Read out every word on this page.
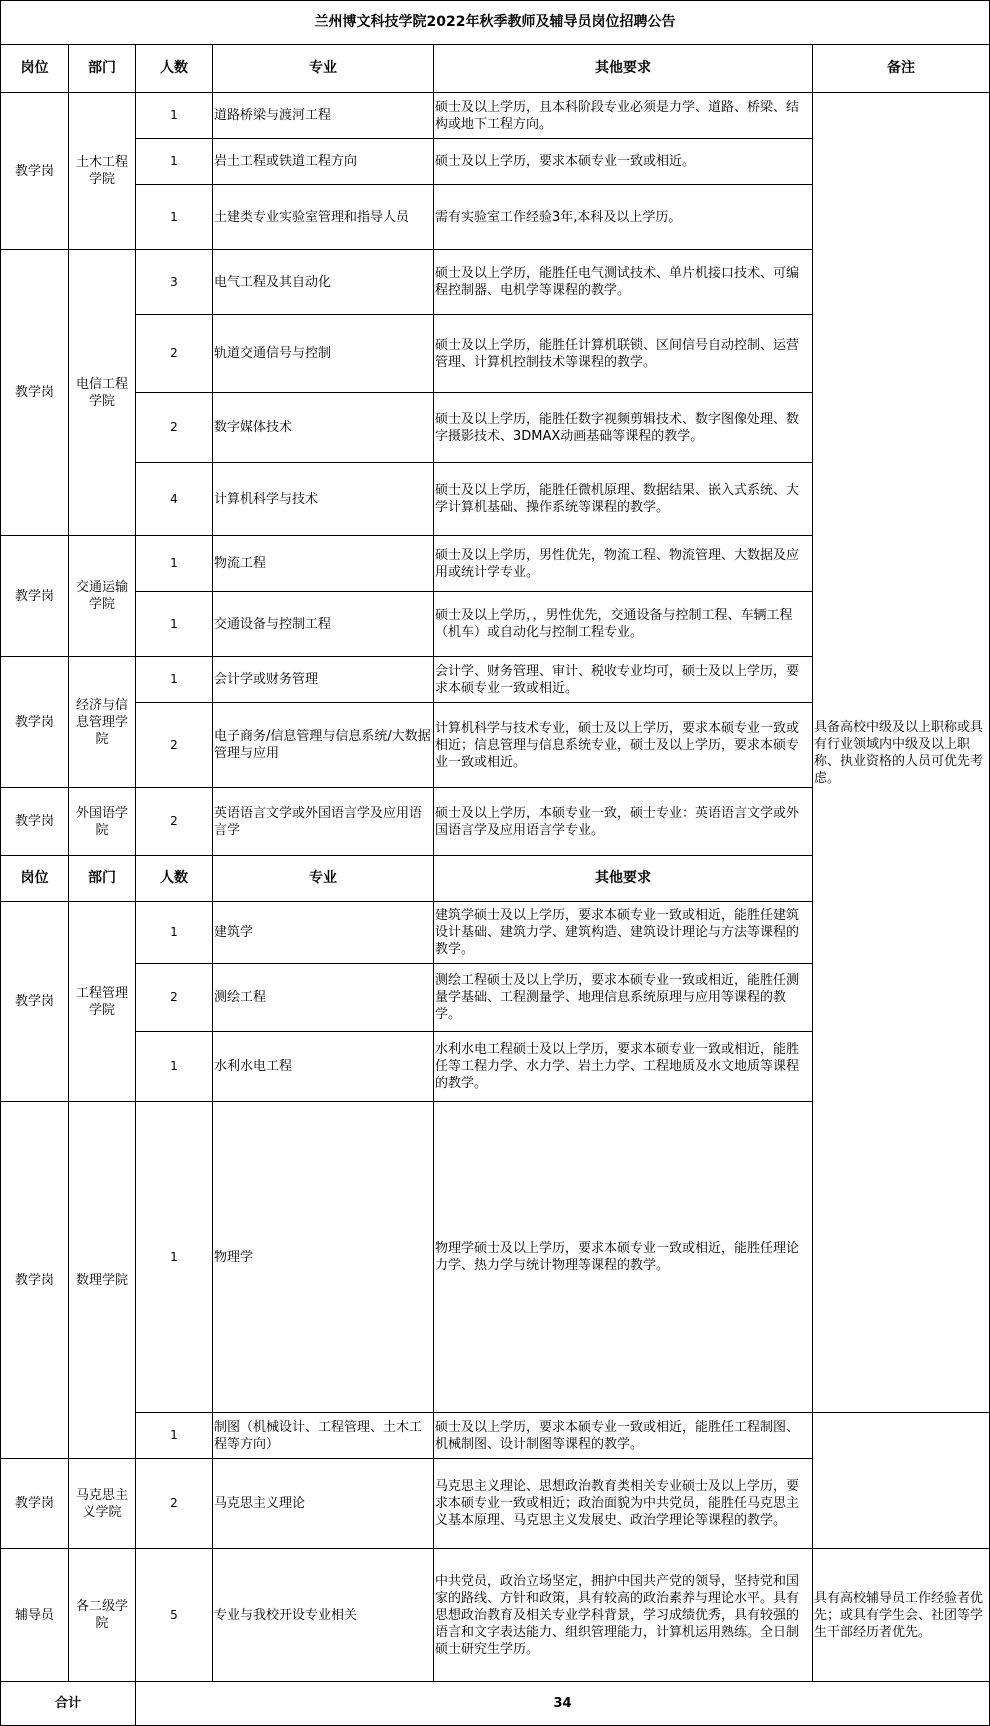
兰州博文科技学院2022年秋季教师及辅导员岗位招聘公告						
岗位	部门	人数	专业	其他要求	备注	
教学岗	土木工程学院	1	道路桥梁与渡河工程	硕士及以上学历，且本科阶段专业必须是力学、道路、桥梁、结构或地下工程方向。	具备高校中级及以上职称或具有行业领域内中级及以上职称、执业资格的人员可优先考虑。	
		1	岩土工程或铁道工程方向	硕士及以上学历，要求本硕专业一致或相近。		
		1	土建类专业实验室管理和指导人员	需有实验室工作经验3年,本科及以上学历。		
教学岗	电信工程学院	3	电气工程及其自动化	硕士及以上学历，能胜任电气测试技术、单片机接口技术、可编程控制器、电机学等课程的教学。		
		2	轨道交通信号与控制	硕士及以上学历，能胜任计算机联锁、区间信号自动控制、运营管理、计算机控制技术等课程的教学。		
		2	数字媒体技术	硕士及以上学历，能胜任数字视频剪辑技术、数字图像处理、数字摄影技术、3DMAX动画基础等课程的教学。		
		4	计算机科学与技术	硕士及以上学历，能胜任微机原理、数据结果、嵌入式系统、大学计算机基础、操作系统等课程的教学。		
教学岗	交通运输学院	1	物流工程	硕士及以上学历，男性优先，物流工程、物流管理、大数据及应用或统计学专业。		
		1	交通设备与控制工程	硕士及以上学历，，男性优先，交通设备与控制工程、车辆工程（机车）或自动化与控制工程专业。		
教学岗	经济与信息管理学院	1	会计学或财务管理	会计学、财务管理、审计、税收专业均可，硕士及以上学历，要求本硕专业一致或相近。		
		2	电子商务/信息管理与信息系统/大数据管理与应用	计算机科学与技术专业，硕士及以上学历，要求本硕专业一致或相近；信息管理与信息系统专业，硕士及以上学历，要求本硕专业一致或相近。		
教学岗	外国语学院	2	英语语言文学或外国语言学及应用语言学	硕士及以上学历，本硕专业一致，硕士专业：英语语言文学或外国语言学及应用语言学专业。		
岗位	部门	人数	专业	其他要求	
教学岗	工程管理学院	1	建筑学	建筑学硕士及以上学历，要求本硕专业一致或相近，能胜任建筑设计基础、建筑力学、建筑构造、建筑设计理论与方法等课程的教学。	
		2	测绘工程	测绘工程硕士及以上学历，要求本硕专业一致或相近，能胜任测量学基础、工程测量学、地理信息系统原理与应用等课程的教学。		
		1	水利水电工程	水利水电工程硕士及以上学历，要求本硕专业一致或相近，能胜任等工程力学、水力学、岩土力学、工程地质及水文地质等课程的教学。		
教学岗	数理学院	1	物理学	物理学硕士及以上学历，要求本硕专业一致或相近，能胜任理论力学、热力学与统计物理等课程的教学。		
		1	制图（机械设计、工程管理、土木工程等方向）	硕士及以上学历，要求本硕专业一致或相近，能胜任工程制图、机械制图、设计制图等课程的教学。		
教学岗	马克思主义学院	2	马克思主义理论	马克思主义理论、思想政治教育类相关专业硕士及以上学历，要求本硕专业一致或相近；政治面貌为中共党员，能胜任马克思主义基本原理、马克思主义发展史、政治学理论等课程的教学。		
辅导员	各二级学院	5	专业与我校开设专业相关	中共党员，政治立场坚定，拥护中国共产党的领导，坚持党和国家的路线、方针和政策，具有较高的政治素养与理论水平。具有思想政治教育及相关专业学科背景，学习成绩优秀，具有较强的语言和文字表达能力、组织管理能力，计算机运用熟练。全日制硕士研究生学历。	具有高校辅导员工作经验者优先；或具有学生会、社团等学生干部经历者优先。	
合计		34				
